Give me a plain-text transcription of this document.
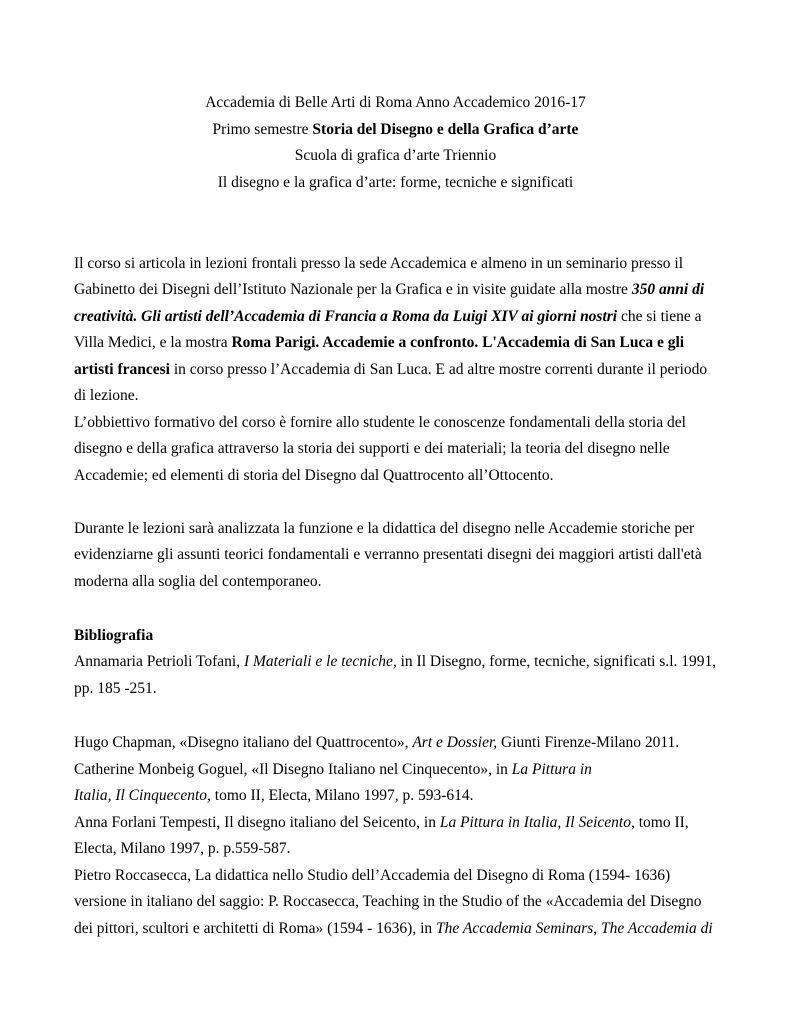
Accademia di Belle Arti di Roma Anno Accademico 2016-17
Primo semestre Storia del Disegno e della Grafica d’arte
Scuola di grafica d’arte Triennio
Il disegno e la grafica d’arte: forme, tecniche e significati
Il corso si articola in lezioni frontali presso la sede Accademica e almeno in un seminario presso il
Gabinetto dei Disegni dell’Istituto Nazionale per la Grafica e in visite guidate alla mostre 350 anni di
creatività. Gli artisti dell’Accademia di Francia a Roma da Luigi XIV ai giorni nostri che si tiene a
Villa Medici, e la mostra Roma Parigi. Accademie a confronto. L'Accademia di San Luca e gli
artisti francesi in corso presso l’Accademia di San Luca. E ad altre mostre correnti durante il periodo
di lezione.
L’obbiettivo formativo del corso è fornire allo studente le conoscenze fondamentali della storia del
disegno e della grafica attraverso la storia dei supporti e dei materiali; la teoria del disegno nelle
Accademie; ed elementi di storia del Disegno dal Quattrocento all’Ottocento.
Durante le lezioni sarà analizzata la funzione e la didattica del disegno nelle Accademie storiche per
evidenziarne gli assunti teorici fondamentali e verranno presentati disegni dei maggiori artisti dall'età
moderna alla soglia del contemporaneo.
Bibliografia
Annamaria Petrioli Tofani, I Materiali e le tecniche, in Il Disegno, forme, tecniche, significati s.l. 1991,
pp. 185 -251.
Hugo Chapman, «Disegno italiano del Quattrocento», Art e Dossier, Giunti Firenze-Milano 2011.
Catherine Monbeig Goguel, «Il Disegno Italiano nel Cinquecento», in La Pittura in
Italia, Il Cinquecento, tomo II, Electa, Milano 1997, p. 593-614.
Anna Forlani Tempesti, Il disegno italiano del Seicento, in La Pittura in Italia, Il Seicento, tomo II,
Electa, Milano 1997, p. p.559-587.
Pietro Roccasecca, La didattica nello Studio dell’Accademia del Disegno di Roma (1594- 1636)
versione in italiano del saggio: P. Roccasecca, Teaching in the Studio of the «Accademia del Disegno
dei pittori, scultori e architetti di Roma» (1594 - 1636), in The Accademia Seminars, The Accademia di
